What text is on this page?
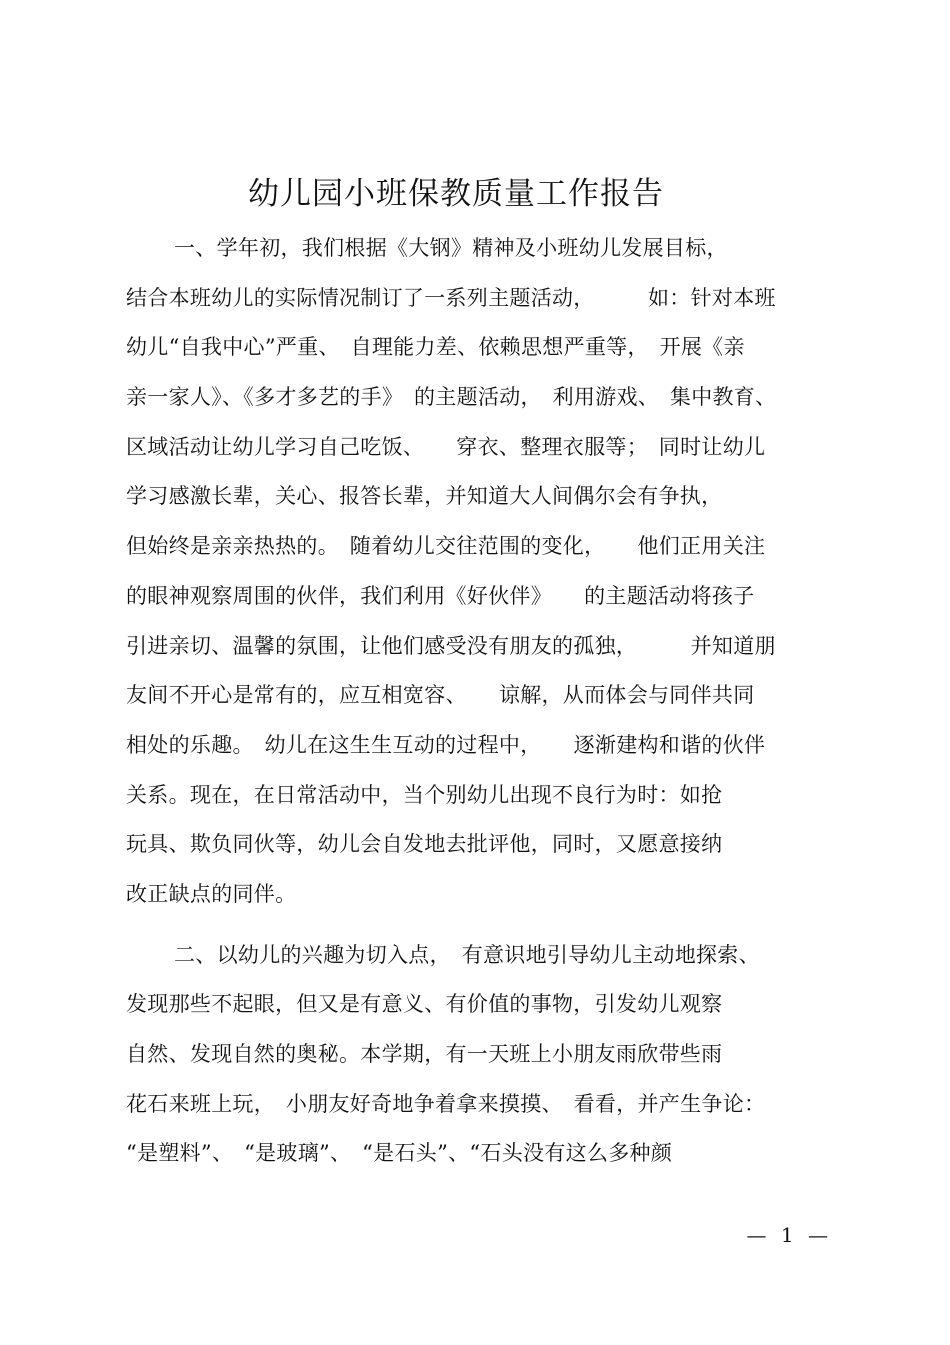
幼儿园小班保教质量工作报告
一、学年初，我们根据《大钢》精神及小班幼儿发展目标，
结合本班幼儿的实际情况制订了一系列主题活动，　　　如：针对本班
幼儿“自我中心”严重、　自理能力差、依赖思想严重等，　开展《亲
亲一家人》、《多才多艺的手》　的主题活动，　利用游戏、　集中教育、
区域活动让幼儿学习自己吃饭、　　穿衣、整理衣服等；　同时让幼儿
学习感激长辈，关心、报答长辈，并知道大人间偶尔会有争执，
但始终是亲亲热热的。　随着幼儿交往范围的变化，　　他们正用关注
的眼神观察周围的伙伴，我们利用《好伙伴》　　的主题活动将孩子
引进亲切、温馨的氛围，让他们感受没有朋友的孤独，　　　并知道朋
友间不开心是常有的，应互相宽容、　　谅解，从而体会与同伴共同
相处的乐趣。　幼儿在这生生互动的过程中，　　逐渐建构和谐的伙伴
关系。现在，在日常活动中，当个别幼儿出现不良行为时：如抢
玩具、欺负同伙等，幼儿会自发地去批评他，同时，又愿意接纳
改正缺点的同伴。
二、以幼儿的兴趣为切入点，　有意识地引导幼儿主动地探索、
发现那些不起眼，但又是有意义、有价值的事物，引发幼儿观察
自然、发现自然的奥秘。本学期，有一天班上小朋友雨欣带些雨
花石来班上玩，　小朋友好奇地争着拿来摸摸、　看看，并产生争论：
“是塑料”、　“是玻璃”、　“是石头”、“石头没有这么多种颜
— 1 —
